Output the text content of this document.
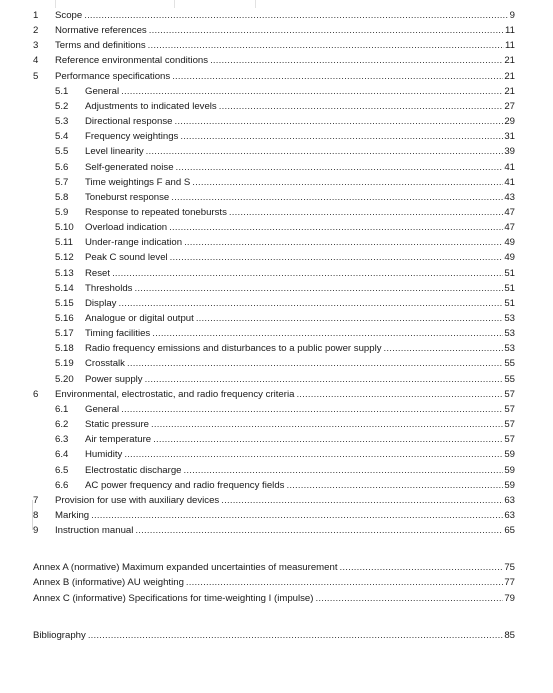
1 Scope .....	9
2 Normative references .....	11
3 Terms and definitions .....	11
4 Reference environmental conditions .....	21
5 Performance specifications .....	21
5.1 General .....	21
5.2 Adjustments to indicated levels .....	27
5.3 Directional response .....	29
5.4 Frequency weightings .....	31
5.5 Level linearity .....	39
5.6 Self-generated noise .....	41
5.7 Time weightings F and S .....	41
5.8 Toneburst response .....	43
5.9 Response to repeated tonebursts .....	47
5.10 Overload indication .....	47
5.11 Under-range indication .....	49
5.12 Peak C sound level .....	49
5.13 Reset .....	51
5.14 Thresholds .....	51
5.15 Display .....	51
5.16 Analogue or digital output .....	53
5.17 Timing facilities .....	53
5.18 Radio frequency emissions and disturbances to a public power supply .....	53
5.19 Crosstalk .....	55
5.20 Power supply .....	55
6 Environmental, electrostatic, and radio frequency criteria .....	57
6.1 General .....	57
6.2 Static pressure .....	57
6.3 Air temperature .....	57
6.4 Humidity .....	59
6.5 Electrostatic discharge .....	59
6.6 AC power frequency and radio frequency fields .....	59
7 Provision for use with auxiliary devices .....	63
8 Marking .....	63
9 Instruction manual .....	65
Annex A (normative) Maximum expanded uncertainties of measurement .....	75
Annex B (informative) AU weighting .....	77
Annex C (informative) Specifications for time-weighting I (impulse) .....	79
Bibliography .....	85
